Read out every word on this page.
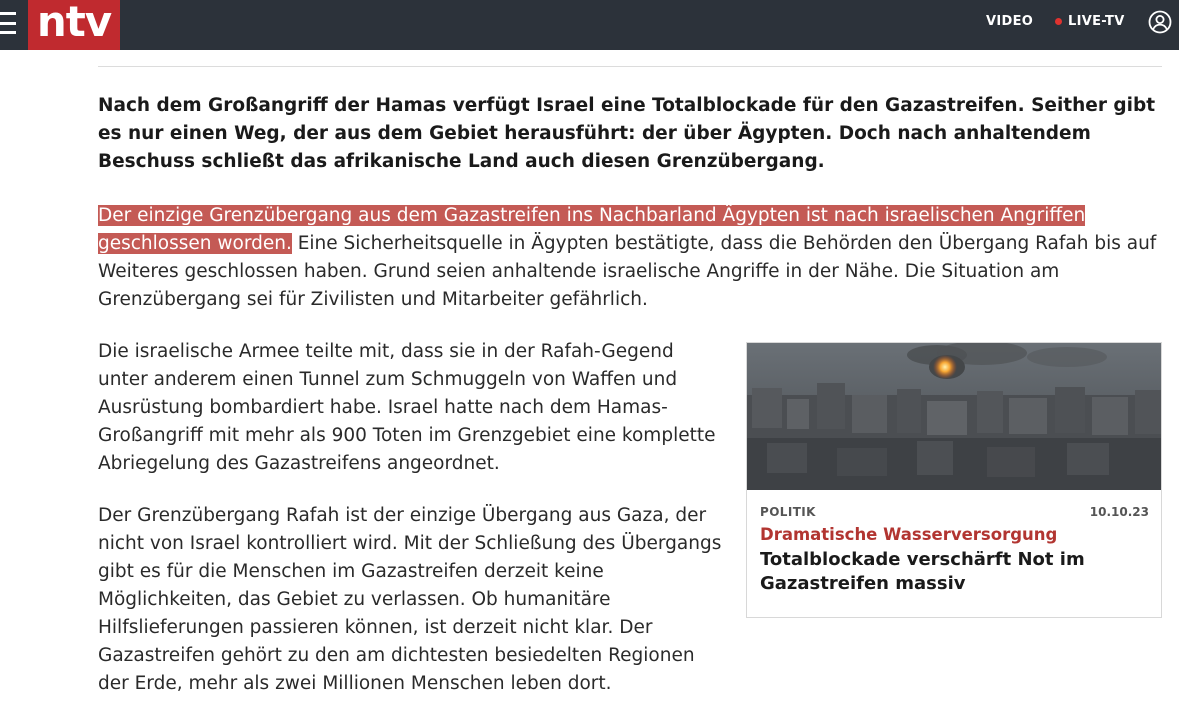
ntv	VIDEO	LIVE-TV

Nach dem Großangriff der Hamas verfügt Israel eine Totalblockade für den Gazastreifen. Seither gibt es nur einen Weg, der aus dem Gebiet herausführt: der über Ägypten. Doch nach anhaltendem Beschuss schließt das afrikanische Land auch diesen Grenzübergang.

Der einzige Grenzübergang aus dem Gazastreifen ins Nachbarland Ägypten ist nach israelischen Angriffen geschlossen worden. Eine Sicherheitsquelle in Ägypten bestätigte, dass die Behörden den Übergang Rafah bis auf Weiteres geschlossen haben. Grund seien anhaltende israelische Angriffe in der Nähe. Die Situation am Grenzübergang sei für Zivilisten und Mitarbeiter gefährlich.

Die israelische Armee teilte mit, dass sie in der Rafah-Gegend unter anderem einen Tunnel zum Schmuggeln von Waffen und Ausrüstung bombardiert habe. Israel hatte nach dem Hamas-Großangriff mit mehr als 900 Toten im Grenzgebiet eine komplette Abriegelung des Gazastreifens angeordnet.

Der Grenzübergang Rafah ist der einzige Übergang aus Gaza, der nicht von Israel kontrolliert wird. Mit der Schließung des Übergangs gibt es für die Menschen im Gazastreifen derzeit keine Möglichkeiten, das Gebiet zu verlassen. Ob humanitäre Hilfslieferungen passieren können, ist derzeit nicht klar. Der Gazastreifen gehört zu den am dichtesten besiedelten Regionen der Erde, mehr als zwei Millionen Menschen leben dort.

POLITIK	10.10.23
Dramatische Wasserversorgung
Totalblockade verschärft Not im Gazastreifen massiv
